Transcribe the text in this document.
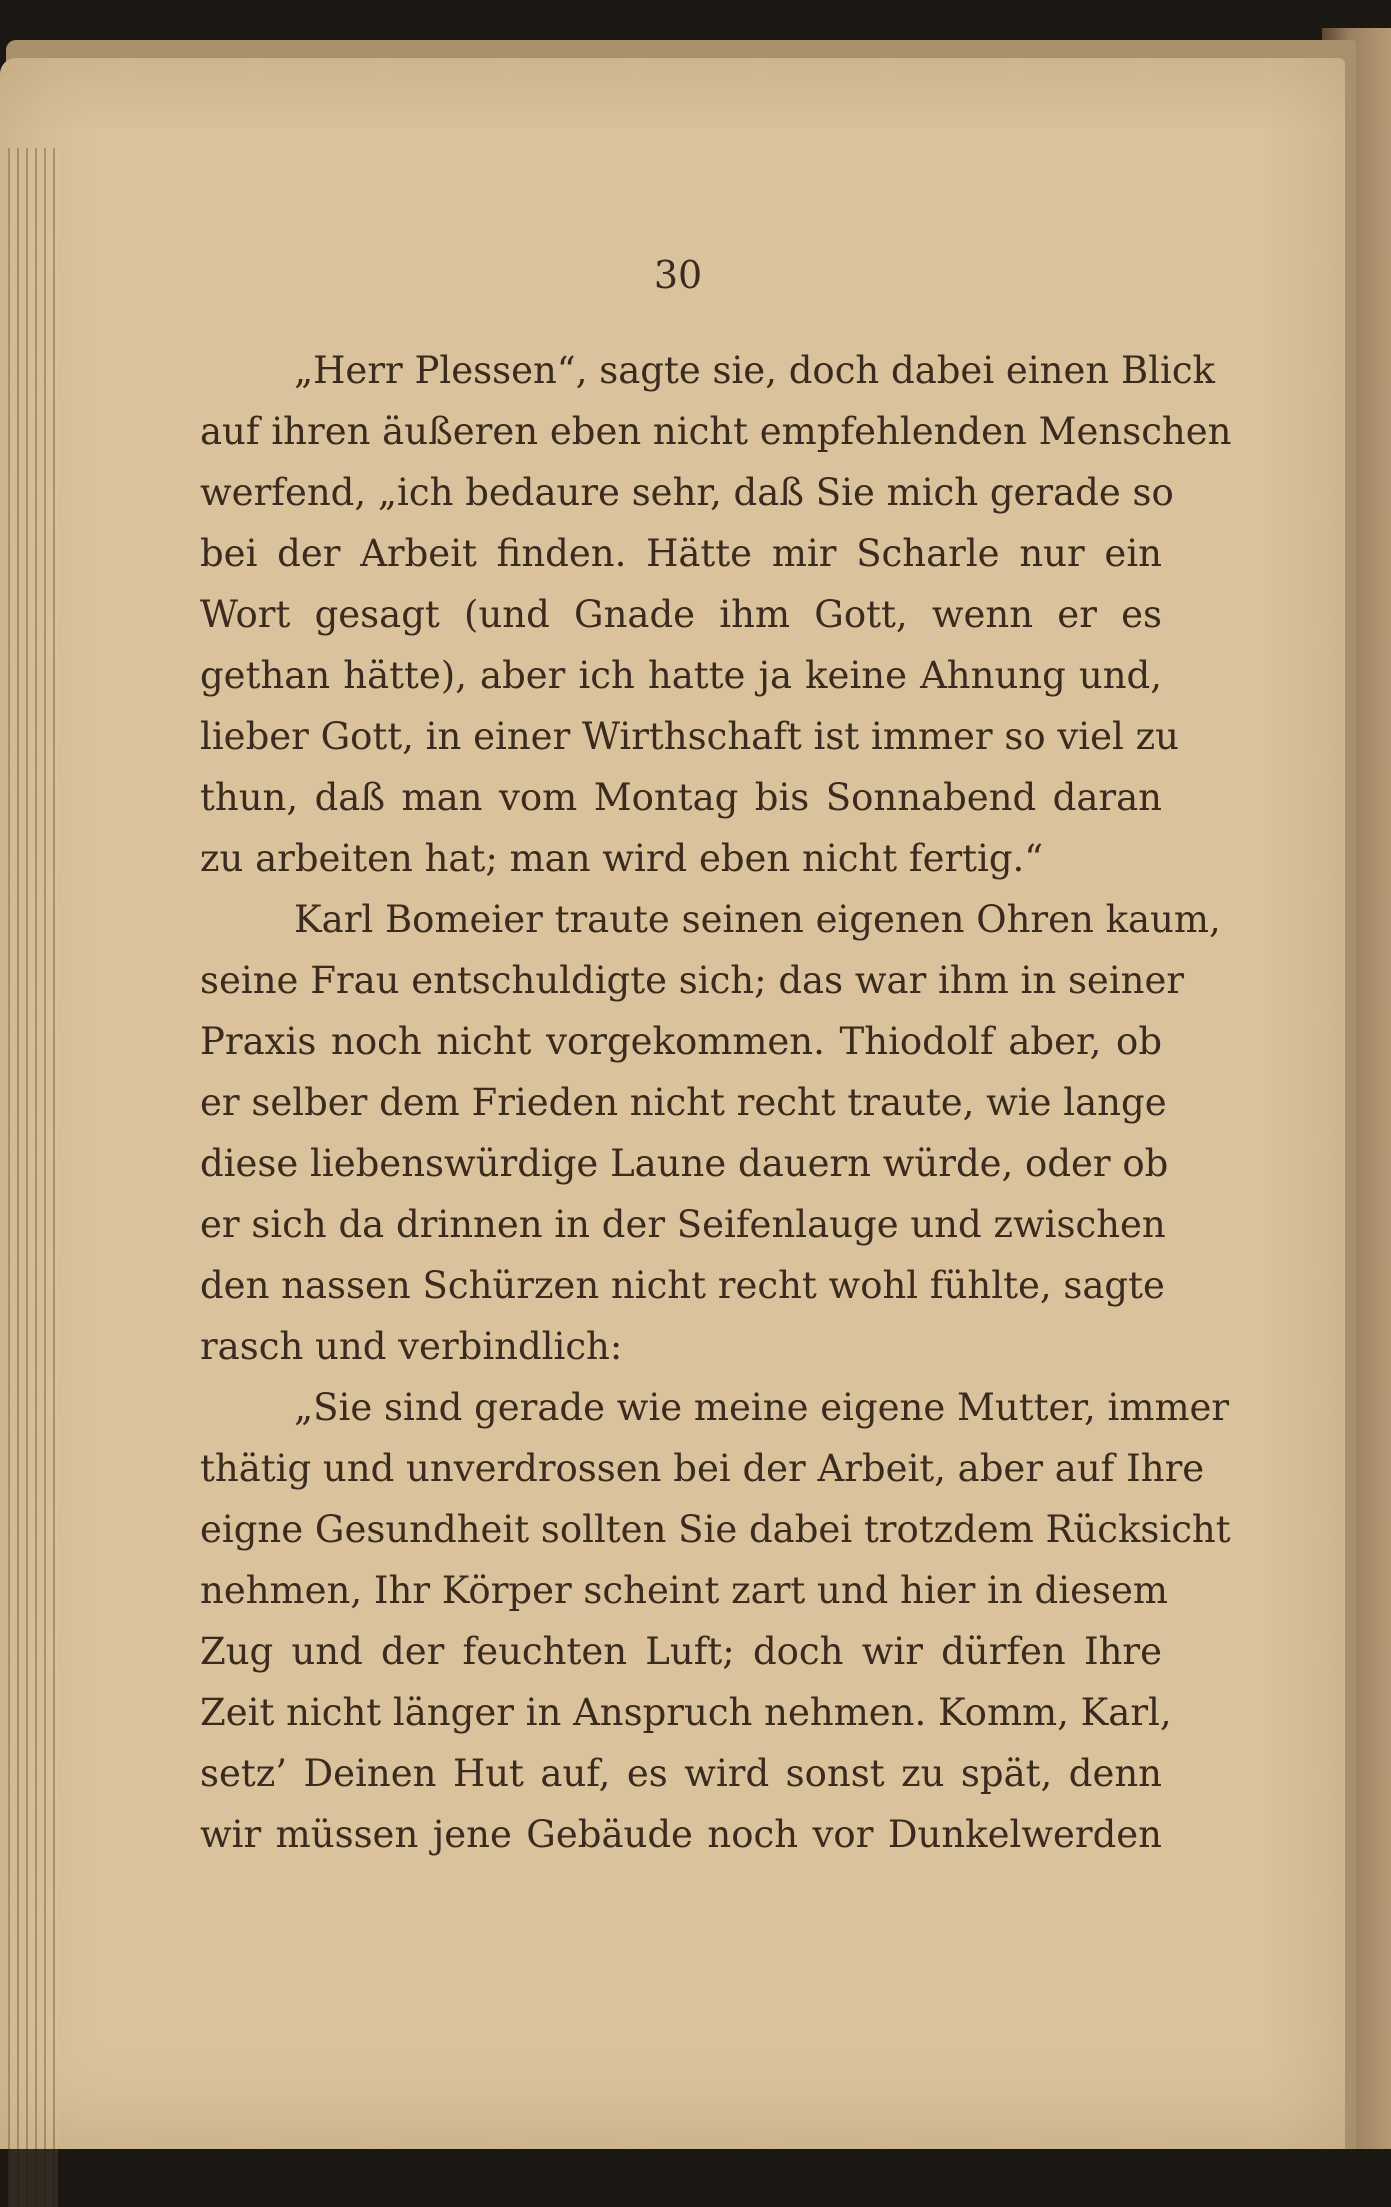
30
„Herr Plessen“, sagte sie, doch dabei einen Blick
auf ihren äußeren eben nicht empfehlenden Menschen
werfend, „ich bedaure sehr, daß Sie mich gerade so
bei der Arbeit finden. Hätte mir Scharle nur ein
Wort gesagt (und Gnade ihm Gott, wenn er es
gethan hätte), aber ich hatte ja keine Ahnung und,
lieber Gott, in einer Wirthschaft ist immer so viel zu
thun, daß man vom Montag bis Sonnabend daran
zu arbeiten hat; man wird eben nicht fertig.“
Karl Bomeier traute seinen eigenen Ohren kaum,
seine Frau entschuldigte sich; das war ihm in seiner
Praxis noch nicht vorgekommen. Thiodolf aber, ob
er selber dem Frieden nicht recht traute, wie lange
diese liebenswürdige Laune dauern würde, oder ob
er sich da drinnen in der Seifenlauge und zwischen
den nassen Schürzen nicht recht wohl fühlte, sagte
rasch und verbindlich:
„Sie sind gerade wie meine eigene Mutter, immer
thätig und unverdrossen bei der Arbeit, aber auf Ihre
eigne Gesundheit sollten Sie dabei trotzdem Rücksicht
nehmen, Ihr Körper scheint zart und hier in diesem
Zug und der feuchten Luft; doch wir dürfen Ihre
Zeit nicht länger in Anspruch nehmen. Komm, Karl,
setz’ Deinen Hut auf, es wird sonst zu spät, denn
wir müssen jene Gebäude noch vor Dunkelwerden
